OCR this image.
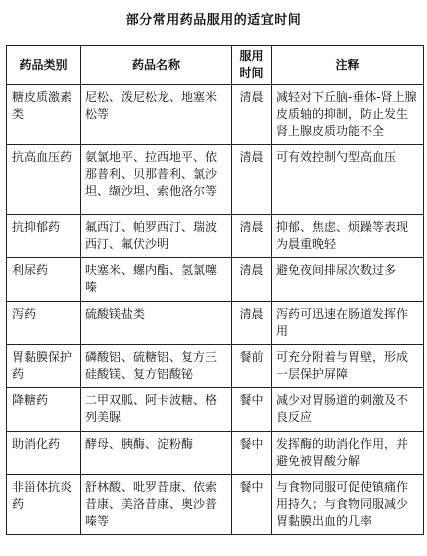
部分常用药品服用的适宜时间
药品类别	药品名称	服用时间	注释
糖皮质激素类	尼松、泼尼松龙、地塞米松等	清晨	减轻对下丘脑-垂体-肾上腺皮质轴的抑制，防止发生肾上腺皮质功能不全
抗高血压药	氨氯地平、拉西地平、依那普利、贝那普利、氯沙坦、缬沙坦、索他洛尔等	清晨	可有效控制勺型高血压
抗抑郁药	氟西汀、帕罗西汀、瑞波西汀、氟伏沙明	清晨	抑郁、焦虑、烦躁等表现为晨重晚轻
利尿药	呋塞米、螺内酯、氢氯噻嗪	清晨	避免夜间排尿次数过多
泻药	硫酸镁盐类	清晨	泻药可迅速在肠道发挥作用
胃黏膜保护药	磷酸铝、硫糖铝、复方三硅酸镁、复方铝酸铋	餐前	可充分附着与胃壁，形成一层保护屏障
降糖药	二甲双胍、阿卡波糖、格列美脲	餐中	减少对胃肠道的刺激及不良反应
助消化药	酵母、胰酶、淀粉酶	餐中	发挥酶的助消化作用，并避免被胃酸分解
非甾体抗炎药	舒林酸、吡罗昔康、依索昔康、美洛昔康、奥沙普嗪等	餐中	与食物同服可促使镇痛作用持久；与食物同服减少胃黏膜出血的几率
